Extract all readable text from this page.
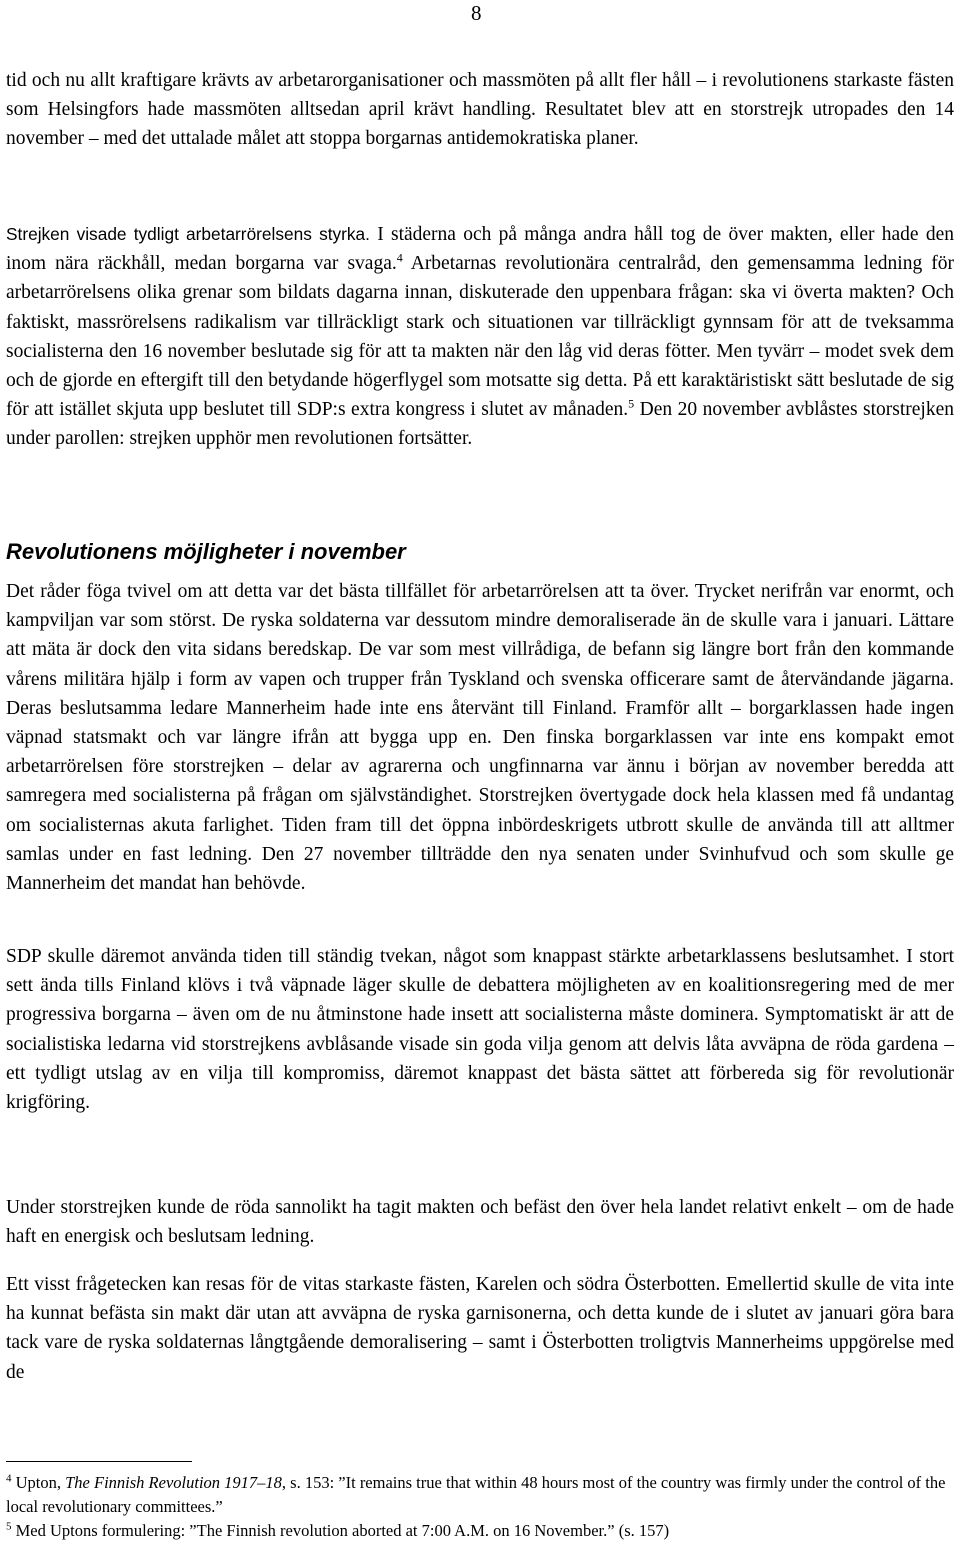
8

tid och nu allt kraftigare krävts av arbetarorganisationer och massmöten på allt fler håll – i revolutionens starkaste fästen som Helsingfors hade massmöten alltsedan april krävt handling. Resultatet blev att en storstrejk utropades den 14 november – med det uttalade målet att stoppa borgarnas antidemokratiska planer.

Strejken visade tydligt arbetarrörelsens styrka. I städerna och på många andra håll tog de över makten, eller hade den inom nära räckhåll, medan borgarna var svaga.$^4$ Arbetarnas revolutionära centralråd, den gemensamma ledning för arbetarrörelsens olika grenar som bildats dagarna innan, diskuterade den uppenbara frågan: ska vi överta makten? Och faktiskt, massrörelsens radikalism var tillräckligt stark och situationen var tillräckligt gynnsam för att de tveksamma socialisterna den 16 november beslutade sig för att ta makten när den låg vid deras fötter. Men tyvärr – modet svek dem och de gjorde en eftergift till den betydande högerflygel som motsatte sig detta. På ett karaktäristiskt sätt beslutade de sig för att istället skjuta upp beslutet till SDP:s extra kongress i slutet av månaden.$^5$ Den 20 november avblåstes storstrejken under parollen: strejken upphör men revolutionen fortsätter.

Revolutionens möjligheter i november

Det råder föga tvivel om att detta var det bästa tillfället för arbetarrörelsen att ta över. Trycket nerifrån var enormt, och kampviljan var som störst. De ryska soldaterna var dessutom mindre demoraliserade än de skulle vara i januari. Lättare att mäta är dock den vita sidans beredskap. De var som mest villrådiga, de befann sig längre bort från den kommande vårens militära hjälp i form av vapen och trupper från Tyskland och svenska officerare samt de återvändande jägarna. Deras beslutsamma ledare Mannerheim hade inte ens återvänt till Finland. Framför allt – borgarklassen hade ingen väpnad statsmakt och var längre ifrån att bygga upp en. Den finska borgarklassen var inte ens kompakt emot arbetarrörelsen före storstrejken – delar av agrarerna och ungfinnarna var ännu i början av november beredda att samregera med socialisterna på frågan om självständighet. Storstrejken övertygade dock hela klassen med få undantag om socialisternas akuta farlighet. Tiden fram till det öppna inbördeskrigets utbrott skulle de använda till att alltmer samlas under en fast ledning. Den 27 november tillträdde den nya senaten under Svinhufvud och som skulle ge Mannerheim det mandat han behövde.

SDP skulle däremot använda tiden till ständig tvekan, något som knappast stärkte arbetarklassens beslutsamhet. I stort sett ända tills Finland klövs i två väpnade läger skulle de debattera möjligheten av en koalitionsregering med de mer progressiva borgarna – även om de nu åtminstone hade insett att socialisterna måste dominera. Symptomatiskt är att de socialistiska ledarna vid storstrejkens avblåsande visade sin goda vilja genom att delvis låta avväpna de röda gardena – ett tydligt utslag av en vilja till kompromiss, däremot knappast det bästa sättet att förbereda sig för revolutionär krigföring.

Under storstrejken kunde de röda sannolikt ha tagit makten och befäst den över hela landet relativt enkelt – om de hade haft en energisk och beslutsam ledning.

Ett visst frågetecken kan resas för de vitas starkaste fästen, Karelen och södra Österbotten. Emellertid skulle de vita inte ha kunnat befästa sin makt där utan att avväpna de ryska garnisonerna, och detta kunde de i slutet av januari göra bara tack vare de ryska soldaternas långtgående demoralisering – samt i Österbotten troligtvis Mannerheims uppgörelse med de

$^4$ Upton, The Finnish Revolution 1917–18, s. 153: ”It remains true that within 48 hours most of the country was firmly under the control of the local revolutionary committees.”

$^5$ Med Uptons formulering: ”The Finnish revolution aborted at 7:00 A.M. on 16 November.” (s. 157)
